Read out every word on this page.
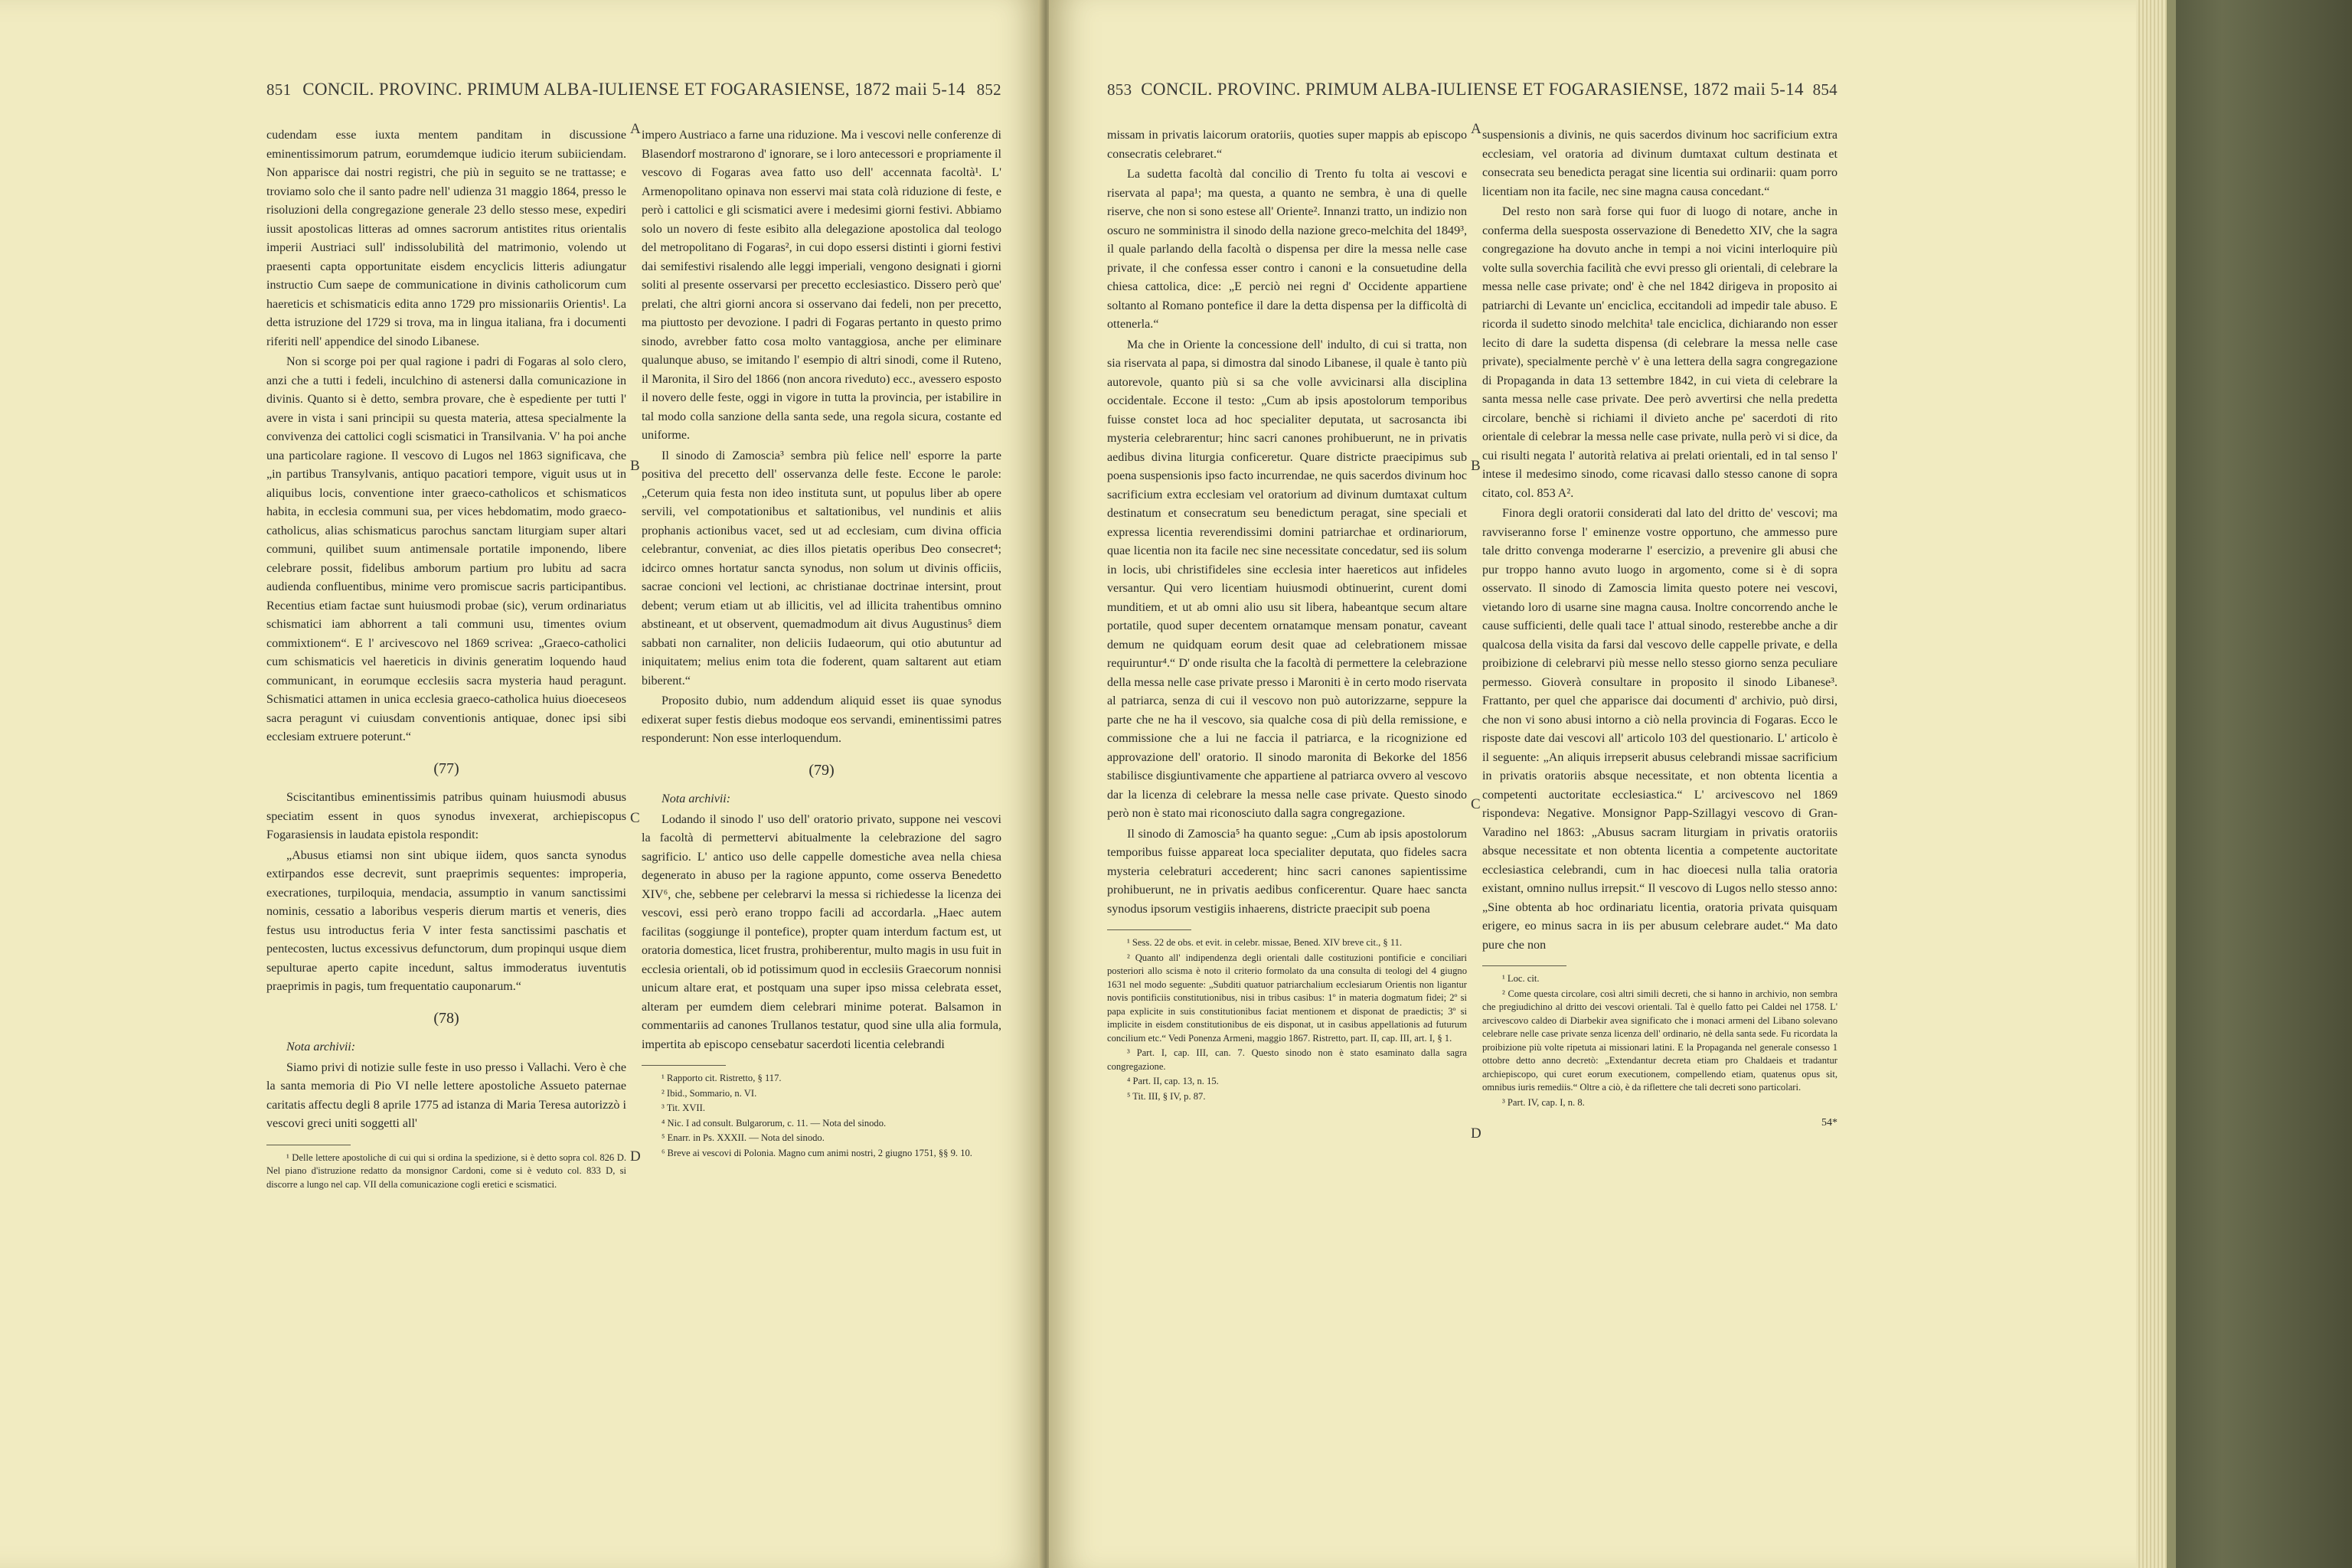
851 CONCIL. PROVINC. PRIMUM ALBA-IULIENSE ET FOGARASIENSE, 1872 maii 5-14 852

cudendam esse iuxta mentem panditam in discussione eminentissimorum patrum, eorumdemque iudicio iterum subiiciendam. Non apparisce dai nostri registri, che più in seguito se ne trattasse; e troviamo solo che il santo padre nell' udienza 31 maggio 1864, presso le risoluzioni della congregazione generale 23 dello stesso mese, expediri iussit apostolicas litteras ad omnes sacrorum antistites ritus orientalis imperii Austriaci sull' indissolubilità del matrimonio, volendo ut praesenti capta opportunitate eisdem encyclicis litteris adiungatur instructio Cum saepe de communicatione in divinis catholicorum cum haereticis et schismaticis edita anno 1729 pro missionariis Orientis¹. La detta istruzione del 1729 si trova, ma in lingua italiana, fra i documenti riferiti nell' appendice del sinodo Libanese.

Non si scorge poi per qual ragione i padri di Fogaras al solo clero, anzi che a tutti i fedeli, inculchino di astenersi dalla comunicazione in divinis. Quanto si è detto, sembra provare, che è espediente per tutti l' avere in vista i sani principii su questa materia, attesa specialmente la convivenza dei cattolici cogli scismatici in Transilvania. V' ha poi anche una particolare ragione. Il vescovo di Lugos nel 1863 significava, che „in partibus Transylvanis, antiquo pacatiori tempore, viguit usus ut in aliquibus locis, conventione inter graeco-catholicos et schismaticos habita, in ecclesia communi sua, per vices hebdomatim, modo graeco-catholicus, alias schismaticus parochus sanctam liturgiam super altari communi, quilibet suum antimensale portatile imponendo, libere celebrare possit, fidelibus amborum partium pro lubitu ad sacra audienda confluentibus, minime vero promiscue sacris participantibus. Recentius etiam factae sunt huiusmodi probae (sic), verum ordinariatus schismatici iam abhorrent a tali communi usu, timentes ovium commixtionem“. E l' arcivescovo nel 1869 scrivea: „Graeco-catholici cum schismaticis vel haereticis in divinis generatim loquendo haud communicant, in eorumque ecclesiis sacra mysteria haud peragunt. Schismatici attamen in unica ecclesia graeco-catholica huius dioeceseos sacra peragunt vi cuiusdam conventionis antiquae, donec ipsi sibi ecclesiam extruere poterunt.“

(77)

Sciscitantibus eminentissimis patribus quinam huiusmodi abusus speciatim essent in quos synodus invexerat, archiepiscopus Fogarasiensis in laudata epistola respondit:

„Abusus etiamsi non sint ubique iidem, quos sancta synodus extirpandos esse decrevit, sunt praeprimis sequentes: improperia, execrationes, turpiloquia, mendacia, assumptio in vanum sanctissimi nominis, cessatio a laboribus vesperis dierum martis et veneris, dies festus usu introductus feria V inter festa sanctissimi paschatis et pentecosten, luctus excessivus defunctorum, dum propinqui usque diem sepulturae aperto capite incedunt, saltus immoderatus iuventutis praeprimis in pagis, tum frequentatio cauponarum.“

(78)

Nota archivii:

Siamo privi di notizie sulle feste in uso presso i Vallachi. Vero è che la santa memoria di Pio VI nelle lettere apostoliche Assueto paternae caritatis affectu degli 8 aprile 1775 ad istanza di Maria Teresa autorizzò i vescovi greci uniti soggetti all'

¹ Delle lettere apostoliche di cui qui si ordina la spedizione, si è detto sopra col. 826 D. Nel piano d'istruzione redatto da monsignor Cardoni, come si è veduto col. 833 D, si discorre a lungo nel cap. VII della comunicazione cogli eretici e scismatici.

impero Austriaco a farne una riduzione. Ma i vescovi nelle conferenze di Blasendorf mostrarono d' ignorare, se i loro antecessori e propriamente il vescovo di Fogaras avea fatto uso dell' accennata facoltà¹. L' Armenopolitano opinava non esservi mai stata colà riduzione di feste, e però i cattolici e gli scismatici avere i medesimi giorni festivi. Abbiamo solo un novero di feste esibito alla delegazione apostolica dal teologo del metropolitano di Fogaras², in cui dopo essersi distinti i giorni festivi dai semifestivi risalendo alle leggi imperiali, vengono designati i giorni soliti al presente osservarsi per precetto ecclesiastico. Dissero però que' prelati, che altri giorni ancora si osservano dai fedeli, non per precetto, ma piuttosto per devozione. I padri di Fogaras pertanto in questo primo sinodo, avrebber fatto cosa molto vantaggiosa, anche per eliminare qualunque abuso, se imitando l' esempio di altri sinodi, come il Ruteno, il Maronita, il Siro del 1866 (non ancora riveduto) ecc., avessero esposto il novero delle feste, oggi in vigore in tutta la provincia, per istabilire in tal modo colla sanzione della santa sede, una regola sicura, costante ed uniforme.

Il sinodo di Zamoscia³ sembra più felice nell' esporre la parte positiva del precetto dell' osservanza delle feste. Eccone le parole: „Ceterum quia festa non ideo instituta sunt, ut populus liber ab opere servili, vel compotationibus et saltationibus, vel nundinis et aliis prophanis actionibus vacet, sed ut ad ecclesiam, cum divina officia celebrantur, conveniat, ac dies illos pietatis operibus Deo consecret⁴; idcirco omnes hortatur sancta synodus, non solum ut divinis officiis, sacrae concioni vel lectioni, ac christianae doctrinae intersint, prout debent; verum etiam ut ab illicitis, vel ad illicita trahentibus omnino abstineant, et ut observent, quemadmodum ait divus Augustinus⁵ diem sabbati non carnaliter, non deliciis Iudaeorum, qui otio abutuntur ad iniquitatem; melius enim tota die foderent, quam saltarent aut etiam biberent.“

Proposito dubio, num addendum aliquid esset iis quae synodus edixerat super festis diebus modoque eos servandi, eminentissimi patres responderunt: Non esse interloquendum.

(79)

Nota archivii:

Lodando il sinodo l' uso dell' oratorio privato, suppone nei vescovi la facoltà di permettervi abitualmente la celebrazione del sagro sagrificio. L' antico uso delle cappelle domestiche avea nella chiesa degenerato in abuso per la ragione appunto, come osserva Benedetto XIV⁶, che, sebbene per celebrarvi la messa si richiedesse la licenza dei vescovi, essi però erano troppo facili ad accordarla. „Haec autem facilitas (soggiunge il pontefice), propter quam interdum factum est, ut oratoria domestica, licet frustra, prohiberentur, multo magis in usu fuit in ecclesia orientali, ob id potissimum quod in ecclesiis Graecorum nonnisi unicum altare erat, et postquam una super ipso missa celebrata esset, alteram per eumdem diem celebrari minime poterat. Balsamon in commentariis ad canones Trullanos testatur, quod sine ulla alia formula, impertita ab episcopo censebatur sacerdoti licentia celebrandi

¹ Rapporto cit. Ristretto, § 117.

² Ibid., Sommario, n. VI.

³ Tit. XVII.

⁴ Nic. I ad consult. Bulgarorum, c. 11. — Nota del sinodo.

⁵ Enarr. in Ps. XXXII. — Nota del sinodo.

⁶ Breve ai vescovi di Polonia. Magno cum animi nostri, 2 giugno 1751, §§ 9. 10.

A
B
C
D
853 CONCIL. PROVINC. PRIMUM ALBA-IULIENSE ET FOGARASIENSE, 1872 maii 5-14 854

missam in privatis laicorum oratoriis, quoties super mappis ab episcopo consecratis celebraret.“

La sudetta facoltà dal concilio di Trento fu tolta ai vescovi e riservata al papa¹; ma questa, a quanto ne sembra, è una di quelle riserve, che non si sono estese all' Oriente². Innanzi tratto, un indizio non oscuro ne somministra il sinodo della nazione greco-melchita del 1849³, il quale parlando della facoltà o dispensa per dire la messa nelle case private, il che confessa esser contro i canoni e la consuetudine della chiesa cattolica, dice: „E perciò nei regni d' Occidente appartiene soltanto al Romano pontefice il dare la detta dispensa per la difficoltà di ottenerla.“

Ma che in Oriente la concessione dell' indulto, di cui si tratta, non sia riservata al papa, si dimostra dal sinodo Libanese, il quale è tanto più autorevole, quanto più si sa che volle avvicinarsi alla disciplina occidentale. Eccone il testo: „Cum ab ipsis apostolorum temporibus fuisse constet loca ad hoc specialiter deputata, ut sacrosancta ibi mysteria celebrarentur; hinc sacri canones prohibuerunt, ne in privatis aedibus divina liturgia conficeretur. Quare districte praecipimus sub poena suspensionis ipso facto incurrendae, ne quis sacerdos divinum hoc sacrificium extra ecclesiam vel oratorium ad divinum dumtaxat cultum destinatum et consecratum seu benedictum peragat, sine speciali et expressa licentia reverendissimi domini patriarchae et ordinariorum, quae licentia non ita facile nec sine necessitate concedatur, sed iis solum in locis, ubi christifideles sine ecclesia inter haereticos aut infideles versantur. Qui vero licentiam huiusmodi obtinuerint, curent domi munditiem, et ut ab omni alio usu sit libera, habeantque secum altare portatile, quod super decentem ornatamque mensam ponatur, caveant demum ne quidquam eorum desit quae ad celebrationem missae requiruntur⁴.“ D' onde risulta che la facoltà di permettere la celebrazione della messa nelle case private presso i Maroniti è in certo modo riservata al patriarca, senza di cui il vescovo non può autorizzarne, seppure la parte che ne ha il vescovo, sia qualche cosa di più della remissione, e commissione che a lui ne faccia il patriarca, e la ricognizione ed approvazione dell' oratorio. Il sinodo maronita di Bekorke del 1856 stabilisce disgiuntivamente che appartiene al patriarca ovvero al vescovo dar la licenza di celebrare la messa nelle case private. Questo sinodo però non è stato mai riconosciuto dalla sagra congregazione.

Il sinodo di Zamoscia⁵ ha quanto segue: „Cum ab ipsis apostolorum temporibus fuisse appareat loca specialiter deputata, quo fideles sacra mysteria celebraturi accederent; hinc sacri canones sapientissime prohibuerunt, ne in privatis aedibus conficerentur. Quare haec sancta synodus ipsorum vestigiis inhaerens, districte praecipit sub poena

¹ Sess. 22 de obs. et evit. in celebr. missae, Bened. XIV breve cit., § 11.

² Quanto all' indipendenza degli orientali dalle costituzioni pontificie e conciliari posteriori allo scisma è noto il criterio formolato da una consulta di teologi del 4 giugno 1631 nel modo seguente: „Subditi quatuor patriarchalium ecclesiarum Orientis non ligantur novis pontificiis constitutionibus, nisi in tribus casibus: 1º in materia dogmatum fidei; 2º si papa explicite in suis constitutionibus faciat mentionem et disponat de praedictis; 3º si implicite in eisdem constitutionibus de eis disponat, ut in casibus appellationis ad futurum concilium etc.“ Vedi Ponenza Armeni, maggio 1867. Ristretto, part. II, cap. III, art. I, § 1.

³ Part. I, cap. III, can. 7. Questo sinodo non è stato esaminato dalla sagra congregazione.

⁴ Part. II, cap. 13, n. 15.

⁵ Tit. III, § IV, p. 87.

suspensionis a divinis, ne quis sacerdos divinum hoc sacrificium extra ecclesiam, vel oratoria ad divinum dumtaxat cultum destinata et consecrata seu benedicta peragat sine licentia sui ordinarii: quam porro licentiam non ita facile, nec sine magna causa concedant.“

Del resto non sarà forse qui fuor di luogo di notare, anche in conferma della suesposta osservazione di Benedetto XIV, che la sagra congregazione ha dovuto anche in tempi a noi vicini interloquire più volte sulla soverchia facilità che evvi presso gli orientali, di celebrare la messa nelle case private; ond' è che nel 1842 dirigeva in proposito ai patriarchi di Levante un' enciclica, eccitandoli ad impedir tale abuso. E ricorda il sudetto sinodo melchita¹ tale enciclica, dichiarando non esser lecito di dare la sudetta dispensa (di celebrare la messa nelle case private), specialmente perchè v' è una lettera della sagra congregazione di Propaganda in data 13 settembre 1842, in cui vieta di celebrare la santa messa nelle case private. Dee però avvertirsi che nella predetta circolare, benchè si richiami il divieto anche pe' sacerdoti di rito orientale di celebrar la messa nelle case private, nulla però vi si dice, da cui risulti negata l' autorità relativa ai prelati orientali, ed in tal senso l' intese il medesimo sinodo, come ricavasi dallo stesso canone di sopra citato, col. 853 A².

Finora degli oratorii considerati dal lato del dritto de' vescovi; ma ravviseranno forse l' eminenze vostre opportuno, che ammesso pure tale dritto convenga moderarne l' esercizio, a prevenire gli abusi che pur troppo hanno avuto luogo in argomento, come si è di sopra osservato. Il sinodo di Zamoscia limita questo potere nei vescovi, vietando loro di usarne sine magna causa. Inoltre concorrendo anche le cause sufficienti, delle quali tace l' attual sinodo, resterebbe anche a dir qualcosa della visita da farsi dal vescovo delle cappelle private, e della proibizione di celebrarvi più messe nello stesso giorno senza peculiare permesso. Gioverà consultare in proposito il sinodo Libanese³. Frattanto, per quel che apparisce dai documenti d' archivio, può dirsi, che non vi sono abusi intorno a ciò nella provincia di Fogaras. Ecco le risposte date dai vescovi all' articolo 103 del questionario. L' articolo è il seguente: „An aliquis irrepserit abusus celebrandi missae sacrificium in privatis oratoriis absque necessitate, et non obtenta licentia a competenti auctoritate ecclesiastica.“ L' arcivescovo nel 1869 rispondeva: Negative. Monsignor Papp-Szillagyi vescovo di Gran-Varadino nel 1863: „Abusus sacram liturgiam in privatis oratoriis absque necessitate et non obtenta licentia a competente auctoritate ecclesiastica celebrandi, cum in hac dioecesi nulla talia oratoria existant, omnino nullus irrepsit.“ Il vescovo di Lugos nello stesso anno: „Sine obtenta ab hoc ordinariatu licentia, oratoria privata quisquam erigere, eo minus sacra in iis per abusum celebrare audet.“ Ma dato pure che non

¹ Loc. cit.

² Come questa circolare, così altri simili decreti, che si hanno in archivio, non sembra che pregiudichino al dritto dei vescovi orientali. Tal è quello fatto pei Caldei nel 1758. L' arcivescovo caldeo di Diarbekir avea significato che i monaci armeni del Libano solevano celebrare nelle case private senza licenza dell' ordinario, nè della santa sede. Fu ricordata la proibizione più volte ripetuta ai missionari latini. E la Propaganda nel generale consesso 1 ottobre detto anno decretò: „Extendantur decreta etiam pro Chaldaeis et tradantur archiepiscopo, qui curet eorum executionem, compellendo etiam, quatenus opus sit, omnibus iuris remediis.“ Oltre a ciò, è da riflettere che tali decreti sono particolari.

³ Part. IV, cap. I, n. 8.

54*

A
B
C
D
